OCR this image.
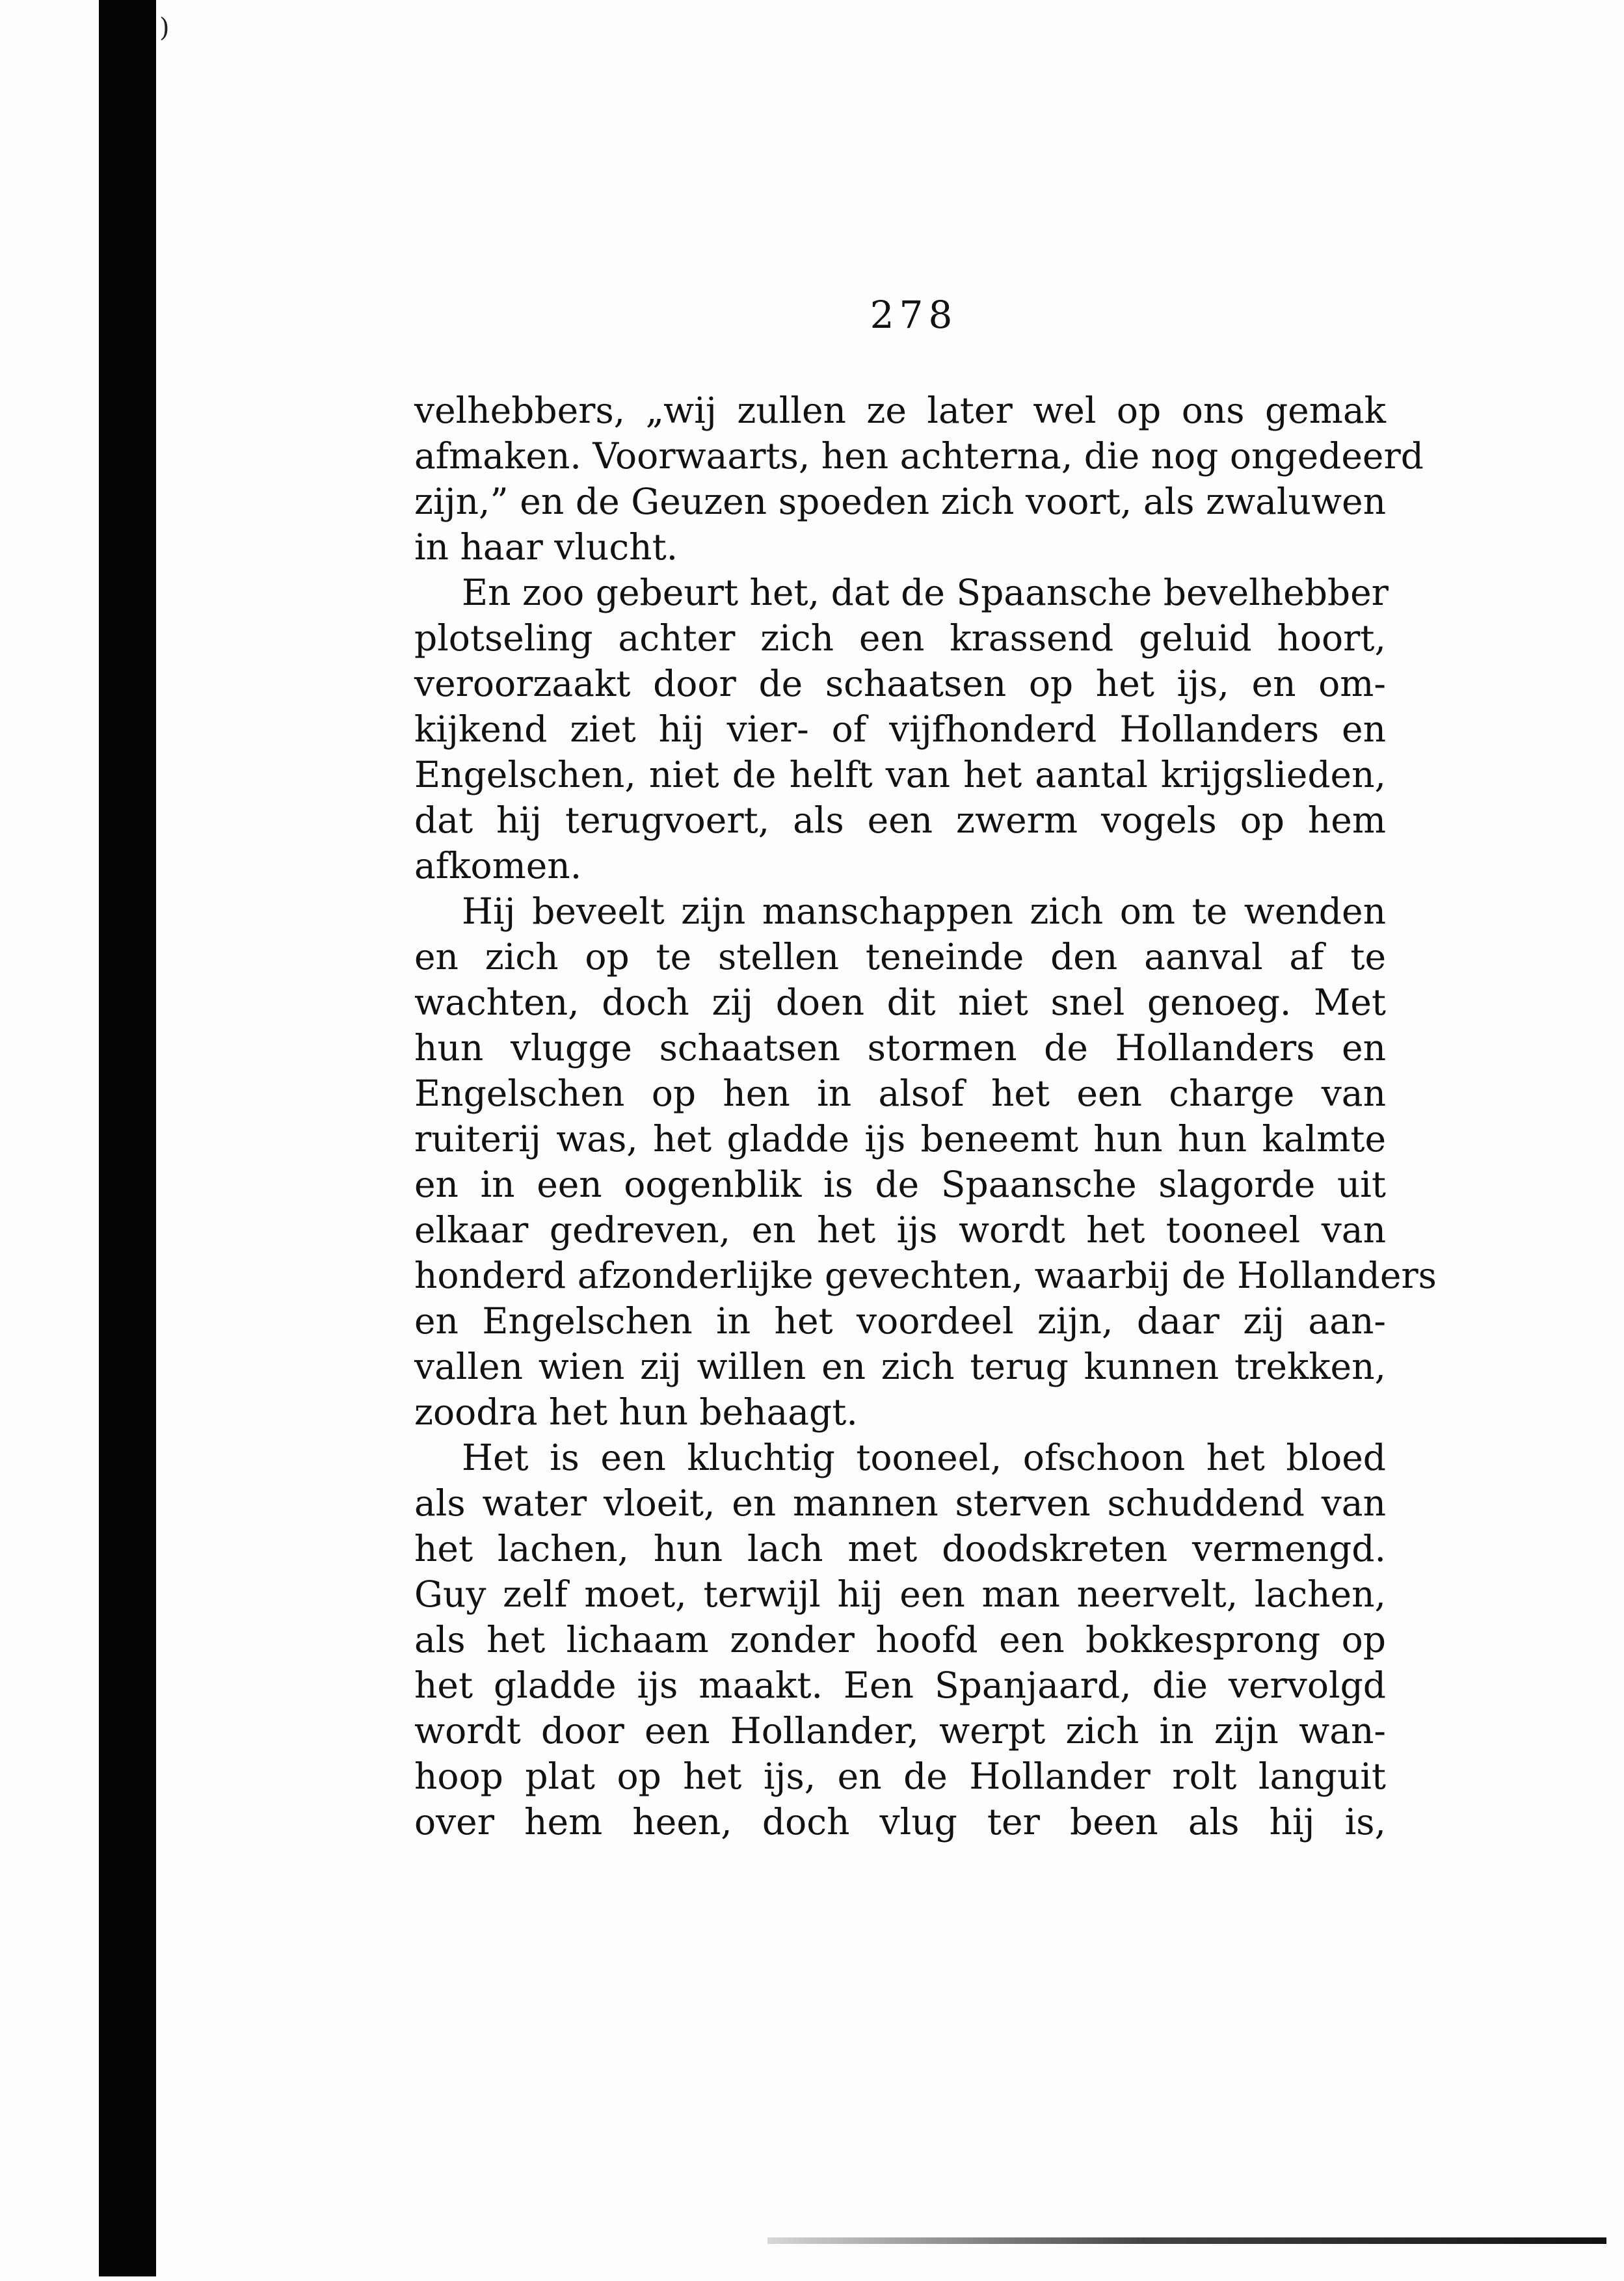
)
278
velhebbers, „wij zullen ze later wel op ons gemak
afmaken. Voorwaarts, hen achterna, die nog ongedeerd
zijn,” en de Geuzen spoeden zich voort, als zwaluwen
in haar vlucht.
En zoo gebeurt het, dat de Spaansche bevelhebber
plotseling achter zich een krassend geluid hoort,
veroorzaakt door de schaatsen op het ijs, en om-
kijkend ziet hij vier- of vijfhonderd Hollanders en
Engelschen, niet de helft van het aantal krijgslieden,
dat hij terugvoert, als een zwerm vogels op hem
afkomen.
Hij beveelt zijn manschappen zich om te wenden
en zich op te stellen teneinde den aanval af te
wachten, doch zij doen dit niet snel genoeg. Met
hun vlugge schaatsen stormen de Hollanders en
Engelschen op hen in alsof het een charge van
ruiterij was, het gladde ijs beneemt hun hun kalmte
en in een oogenblik is de Spaansche slagorde uit
elkaar gedreven, en het ijs wordt het tooneel van
honderd afzonderlijke gevechten, waarbij de Hollanders
en Engelschen in het voordeel zijn, daar zij aan-
vallen wien zij willen en zich terug kunnen trekken,
zoodra het hun behaagt.
Het is een kluchtig tooneel, ofschoon het bloed
als water vloeit, en mannen sterven schuddend van
het lachen, hun lach met doodskreten vermengd.
Guy zelf moet, terwijl hij een man neervelt, lachen,
als het lichaam zonder hoofd een bokkesprong op
het gladde ijs maakt. Een Spanjaard, die vervolgd
wordt door een Hollander, werpt zich in zijn wan-
hoop plat op het ijs, en de Hollander rolt languit
over hem heen, doch vlug ter been als hij is,
